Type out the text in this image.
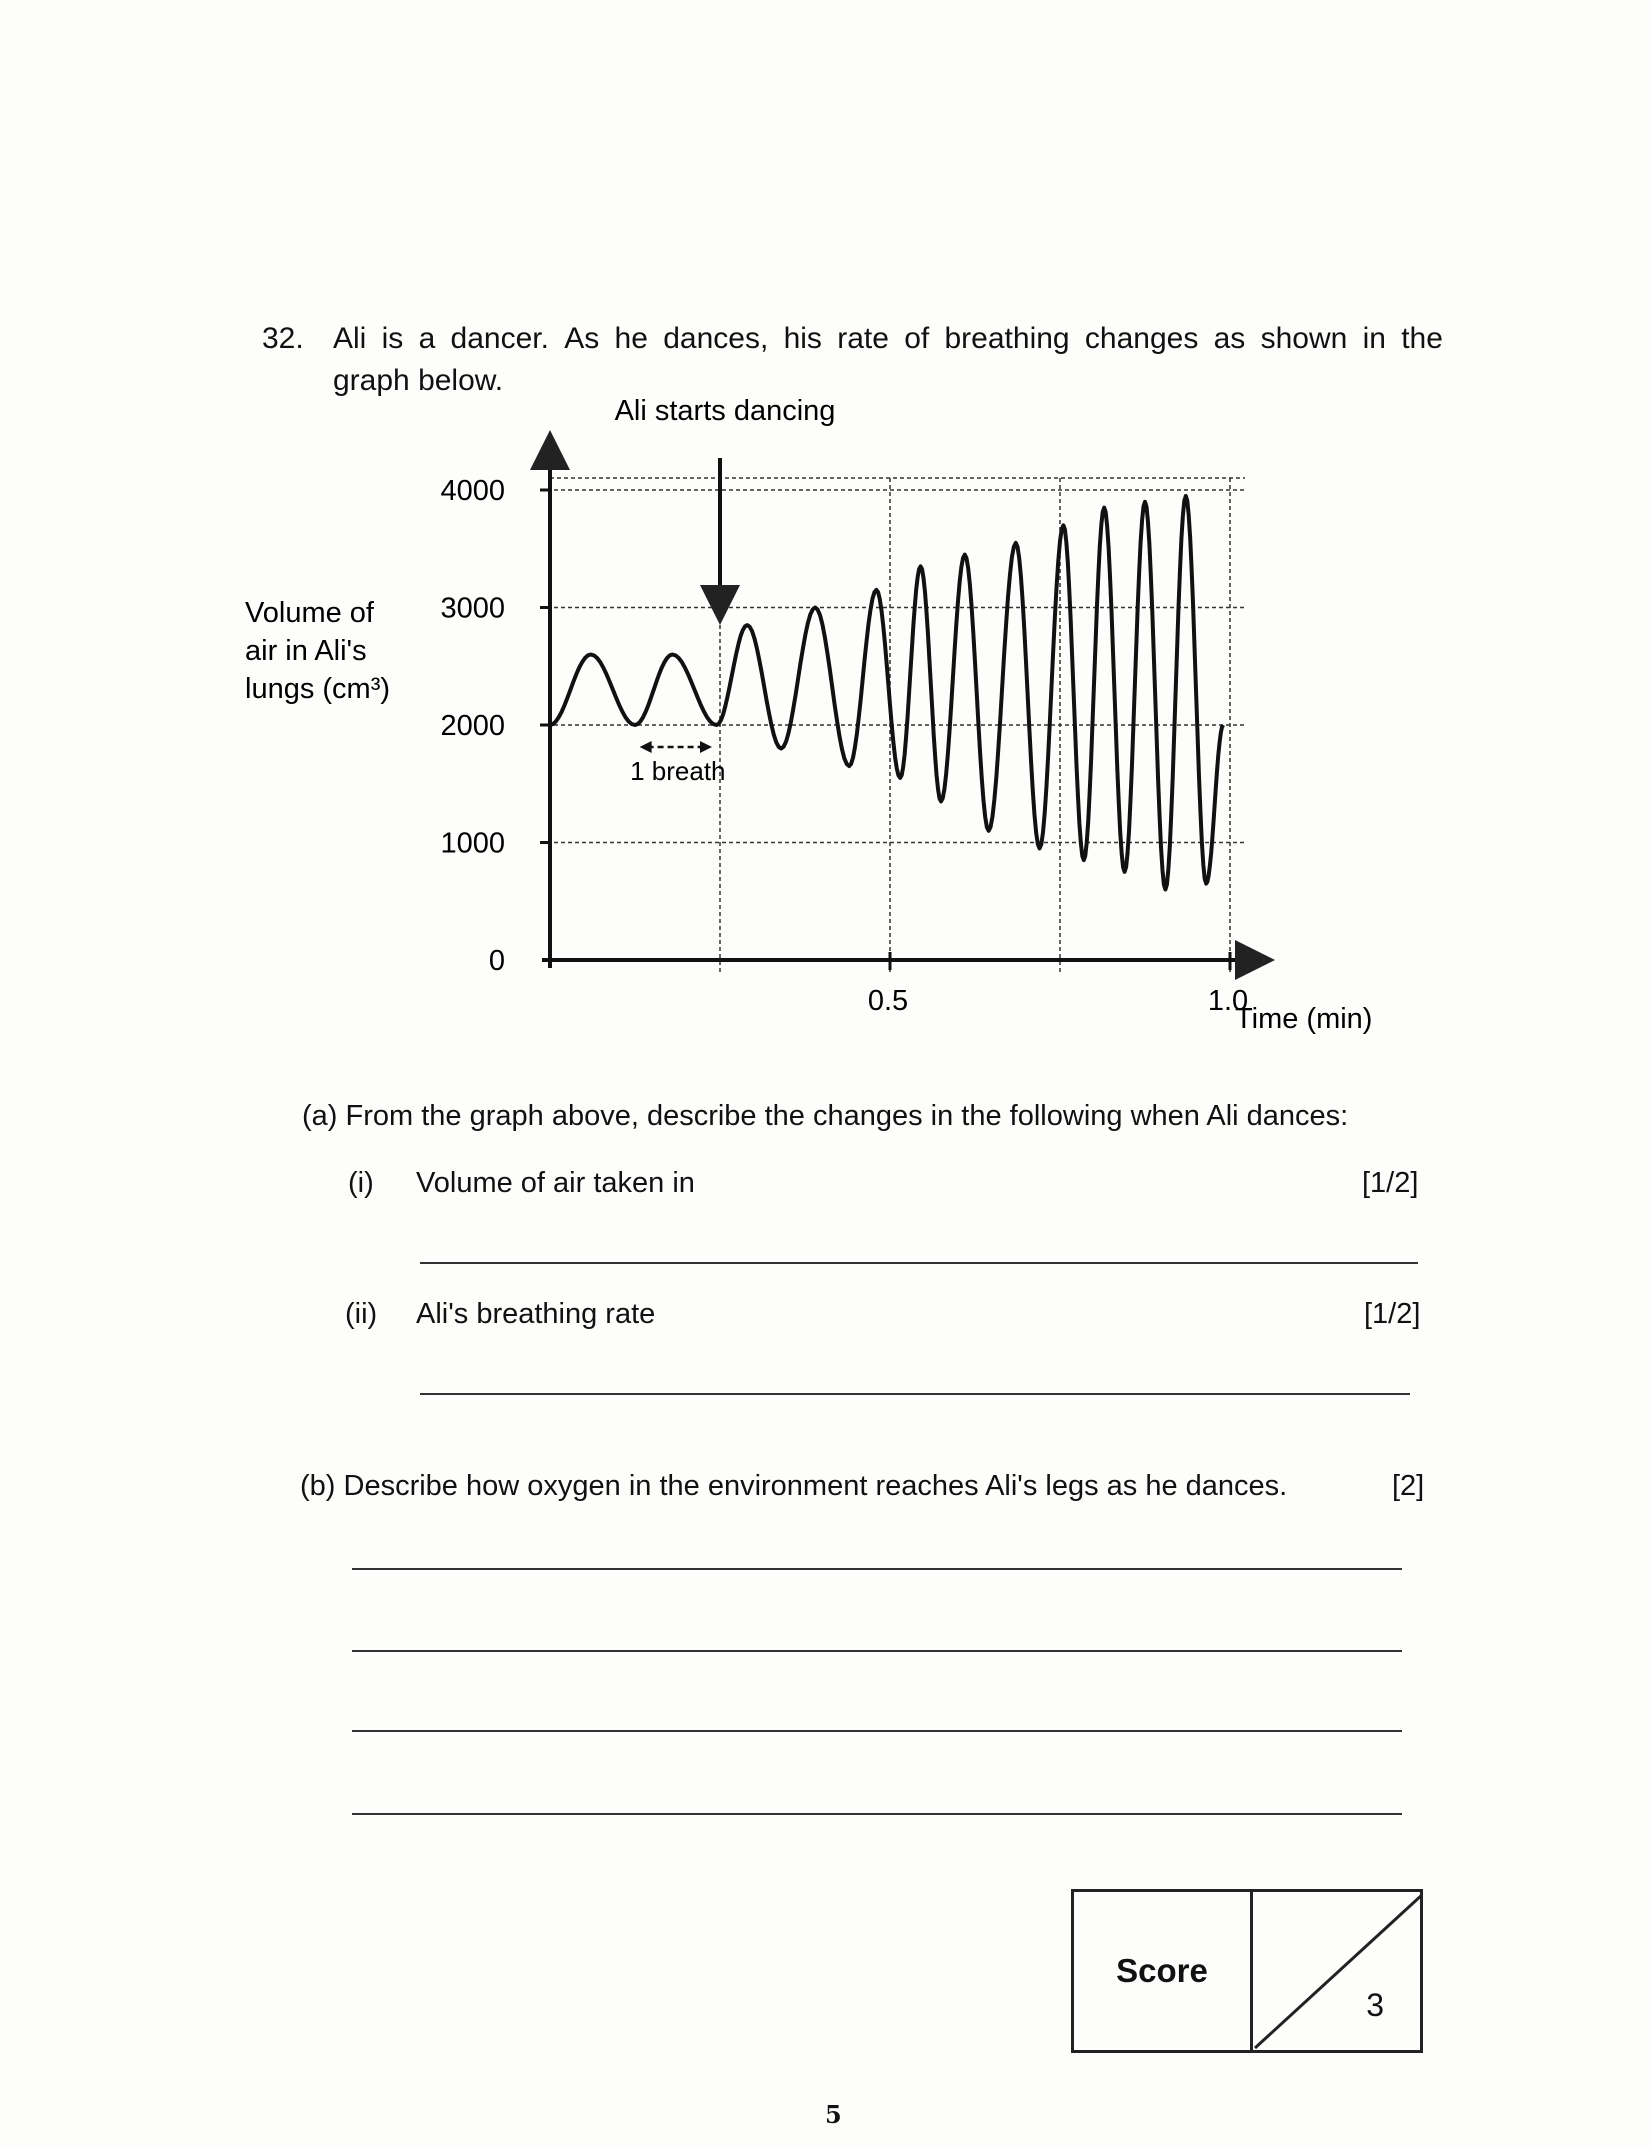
32. Ali is a dancer. As he dances, his rate of breathing changes as shown in the
graph below.
0
1000
2000
3000
4000
0.5	1.0
Volume of
air in Ali's
lungs (cm³)
Time (min)
Ali starts dancing
1 breath
(a) From the graph above, describe the changes in the following when Ali dances:
(i) Volume of air taken in	[1/2]
(ii) Ali's breathing rate	[1/2]
(b) Describe how oxygen in the environment reaches Ali's legs as he dances.	[2]
Score
3
5
